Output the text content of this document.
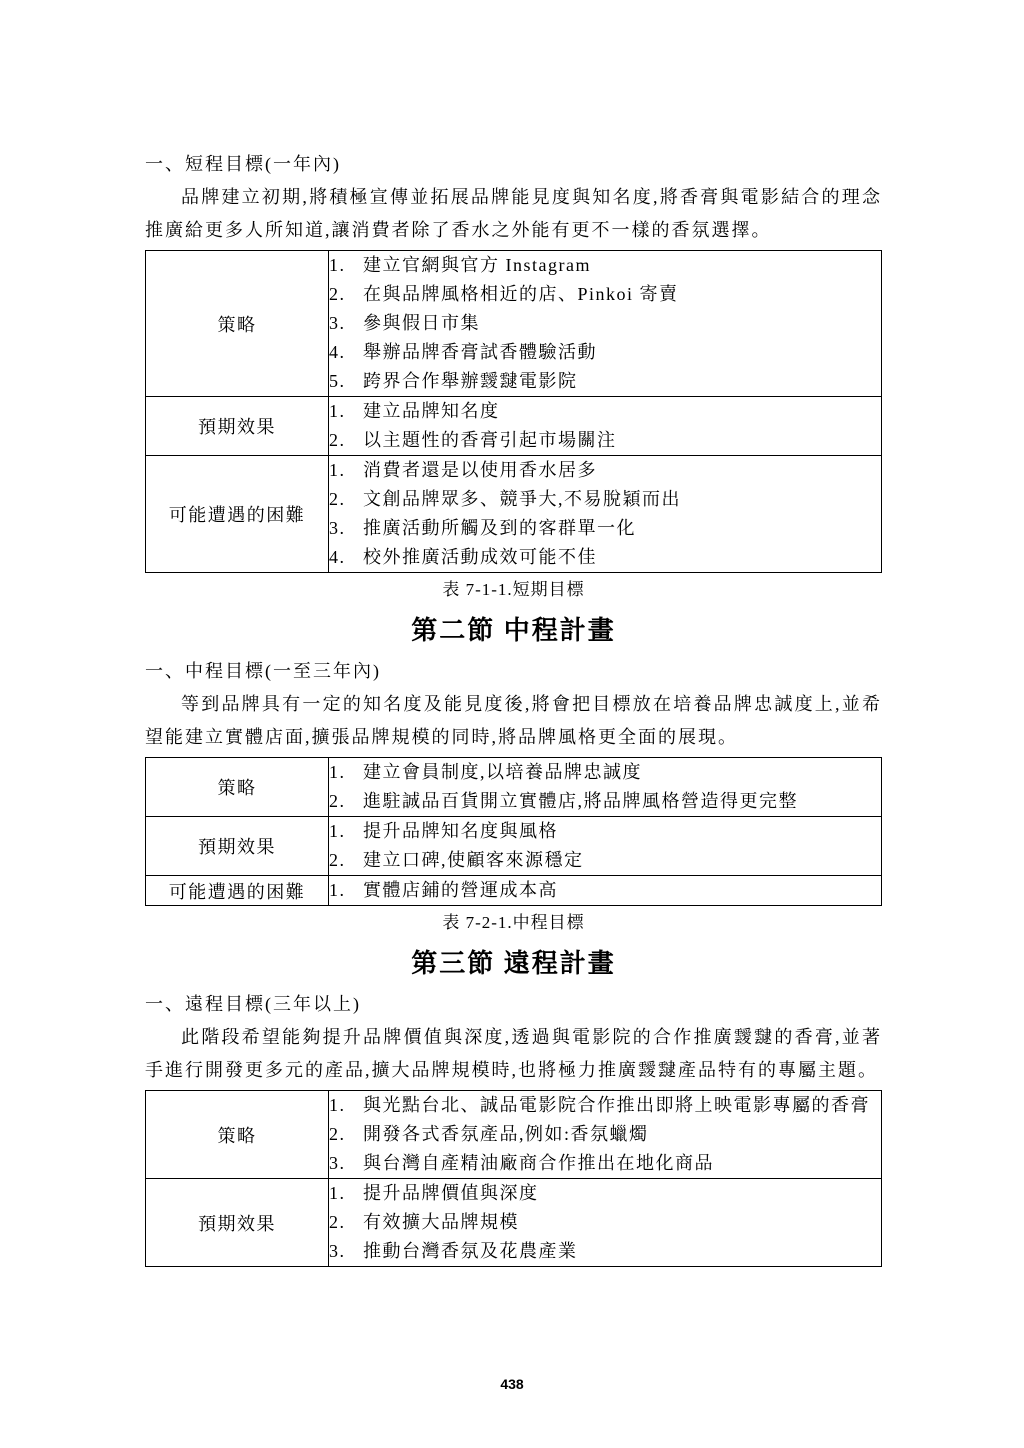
一、短程目標(一年內)
品牌建立初期,將積極宣傳並拓展品牌能見度與知名度,將香膏與電影結合的理念推廣給更多人所知道,讓消費者除了香水之外能有更不一樣的香氛選擇。
策略	
1. 建立官網與官方 Instagram
2. 在與品牌風格相近的店、Pinkoi 寄賣
3. 參與假日市集
4. 舉辦品牌香膏試香體驗活動
5. 跨界合作舉辦靉靆電影院

預期效果	1. 建立品牌知名度
2. 以主題性的香膏引起市場關注

可能遭遇的困難	
1. 消費者還是以使用香水居多
2. 文創品牌眾多、競爭大,不易脫穎而出
3. 推廣活動所觸及到的客群單一化
4. 校外推廣活動成效可能不佳
表 7-1-1.短期目標
第二節 中程計畫
一、中程目標(一至三年內)
等到品牌具有一定的知名度及能見度後,將會把目標放在培養品牌忠誠度上,並希望能建立實體店面,擴張品牌規模的同時,將品牌風格更全面的展現。
策略	1. 建立會員制度,以培養品牌忠誠度
2. 進駐誠品百貨開立實體店,將品牌風格營造得更完整

預期效果	1. 提升品牌知名度與風格
2. 建立口碑,使顧客來源穩定

可能遭遇的困難	1. 實體店鋪的營運成本高
表 7-2-1.中程目標
第三節 遠程計畫
一、遠程目標(三年以上)
此階段希望能夠提升品牌價值與深度,透過與電影院的合作推廣靉靆的香膏,並著手進行開發更多元的產品,擴大品牌規模時,也將極力推廣靉靆產品特有的專屬主題。
策略	
1. 與光點台北、誠品電影院合作推出即將上映電影專屬的香膏
2. 開發各式香氛產品,例如:香氛蠟燭
3. 與台灣自產精油廠商合作推出在地化商品

預期效果	
1. 提升品牌價值與深度
2. 有效擴大品牌規模
3. 推動台灣香氛及花農產業
438
